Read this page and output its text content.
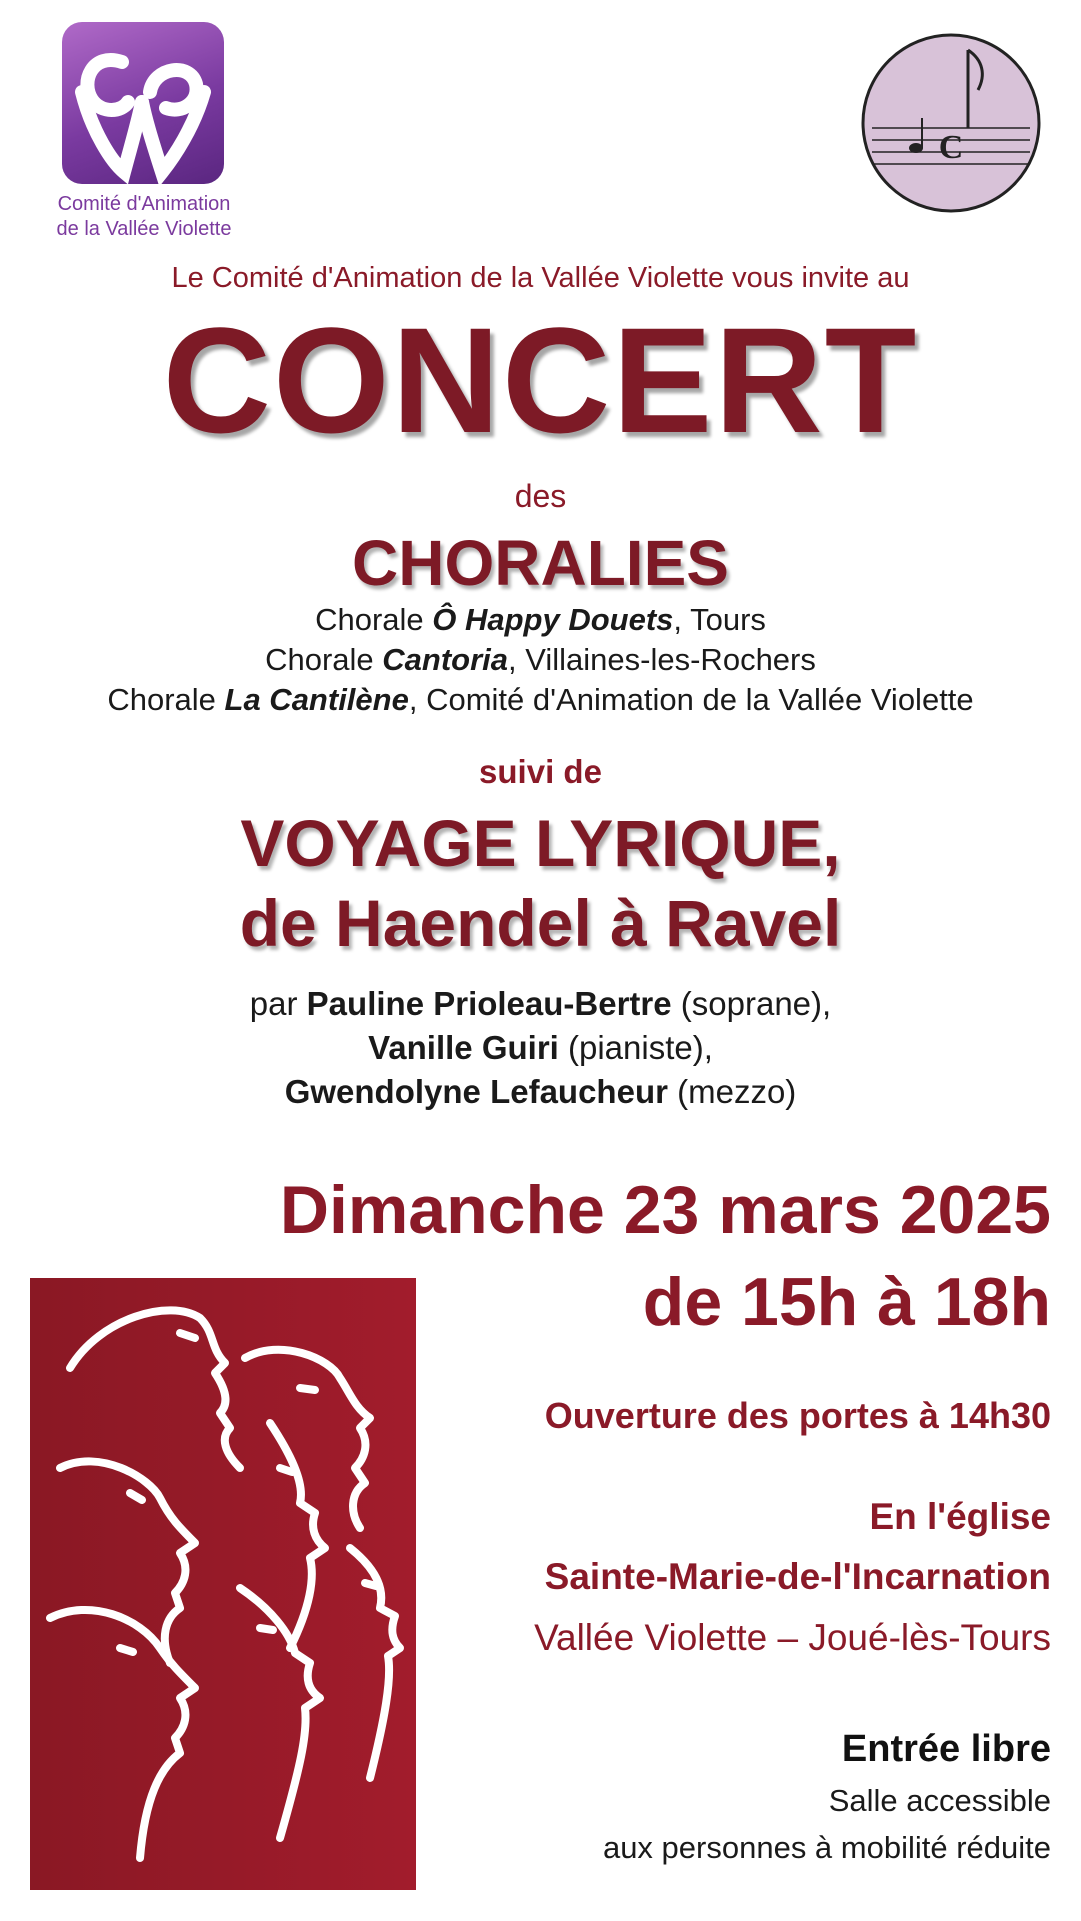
Comité d'Animation
de la Vallée Violette
C
Le Comité d'Animation de la Vallée Violette vous invite au
CONCERT
des
CHORALIES
Chorale Ô Happy Douets, Tours
Chorale Cantoria, Villaines-les-Rochers
Chorale La Cantilène, Comité d'Animation de la Vallée Violette
suivi de
VOYAGE LYRIQUE,
de Haendel à Ravel
par Pauline Prioleau-Bertre (soprane),
Vanille Guiri (pianiste),
Gwendolyne Lefaucheur (mezzo)
Dimanche 23 mars 2025
de 15h à 18h
Ouverture des portes à 14h30
En l'église
Sainte-Marie-de-l'Incarnation
Vallée Violette – Joué-lès-Tours
Entrée libre
Salle accessible
aux personnes à mobilité réduite
